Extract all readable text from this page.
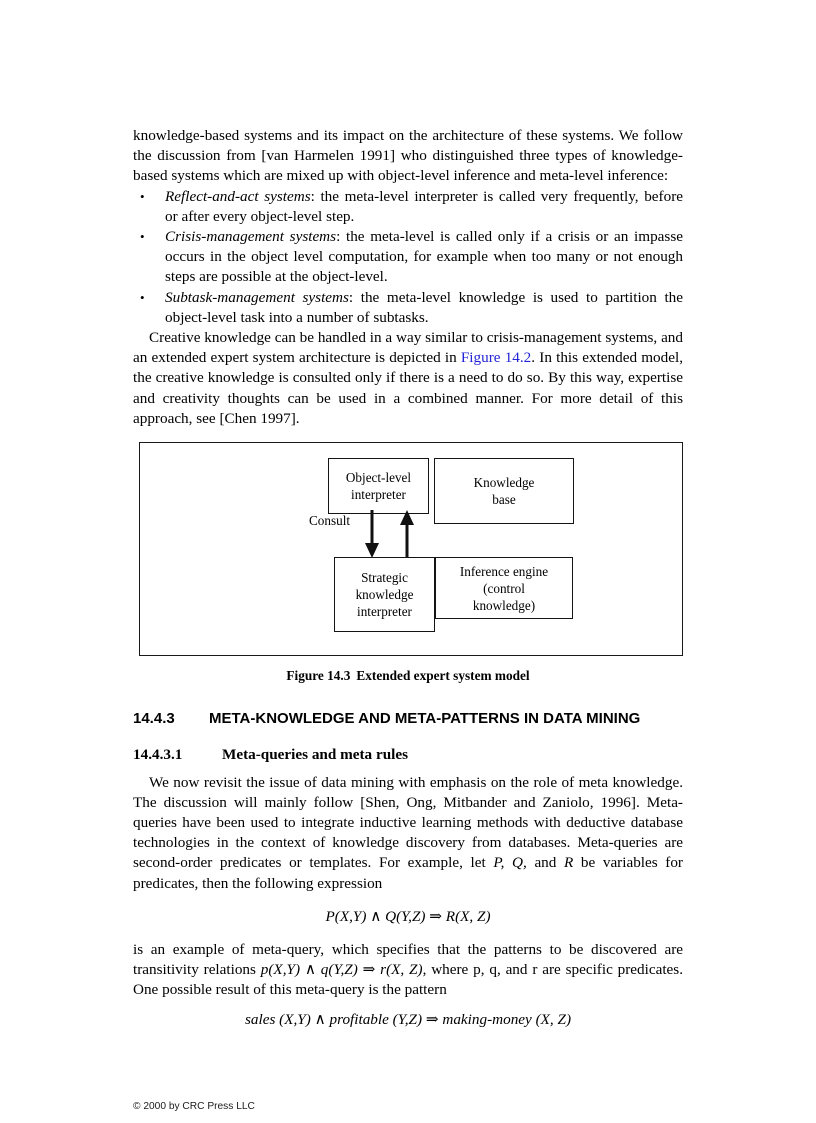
knowledge-based systems and its impact on the architecture of these systems. We follow the discussion from [van Harmelen 1991] who distinguished three types of knowledge-based systems which are mixed up with object-level inference and meta-level inference:

• Reflect-and-act systems: the meta-level interpreter is called very frequently, before or after every object-level step.
• Crisis-management systems: the meta-level is called only if a crisis or an impasse occurs in the object level computation, for example when too many or not enough steps are possible at the object-level.
• Subtask-management systems: the meta-level knowledge is used to partition the object-level task into a number of subtasks.

Creative knowledge can be handled in a way similar to crisis-management systems, and an extended expert system architecture is depicted in Figure 14.2. In this extended model, the creative knowledge is consulted only if there is a need to do so. By this way, expertise and creativity thoughts can be used in a combined manner. For more detail of this approach, see [Chen 1997].

Object-level
interpreter
Knowledge
base
Strategic
knowledge
interpreter
Inference engine
(control
knowledge)
Consult
Figure 14.3 Extended expert system model
14.4.3 META-KNOWLEDGE AND META-PATTERNS IN DATA MINING
14.4.3.1	Meta-queries and meta rules

We now revisit the issue of data mining with emphasis on the role of meta knowledge. The discussion will mainly follow [Shen, Ong, Mitbander and Zaniolo, 1996]. Meta-queries have been used to integrate inductive learning methods with deductive database technologies in the context of knowledge discovery from databases. Meta-queries are second-order predicates or templates. For example, let P, Q, and R be variables for predicates, then the following expression

P(X,Y) ∧ Q(Y,Z) ⇒ R(X, Z)

is an example of meta-query, which specifies that the patterns to be discovered are transitivity relations p(X,Y) ∧ q(Y,Z) ⇒ r(X, Z), where p, q, and r are specific predicates. One possible result of this meta-query is the pattern

sales (X,Y) ∧ profitable (Y,Z) ⇒ making-money (X, Z)
© 2000 by CRC Press LLC
